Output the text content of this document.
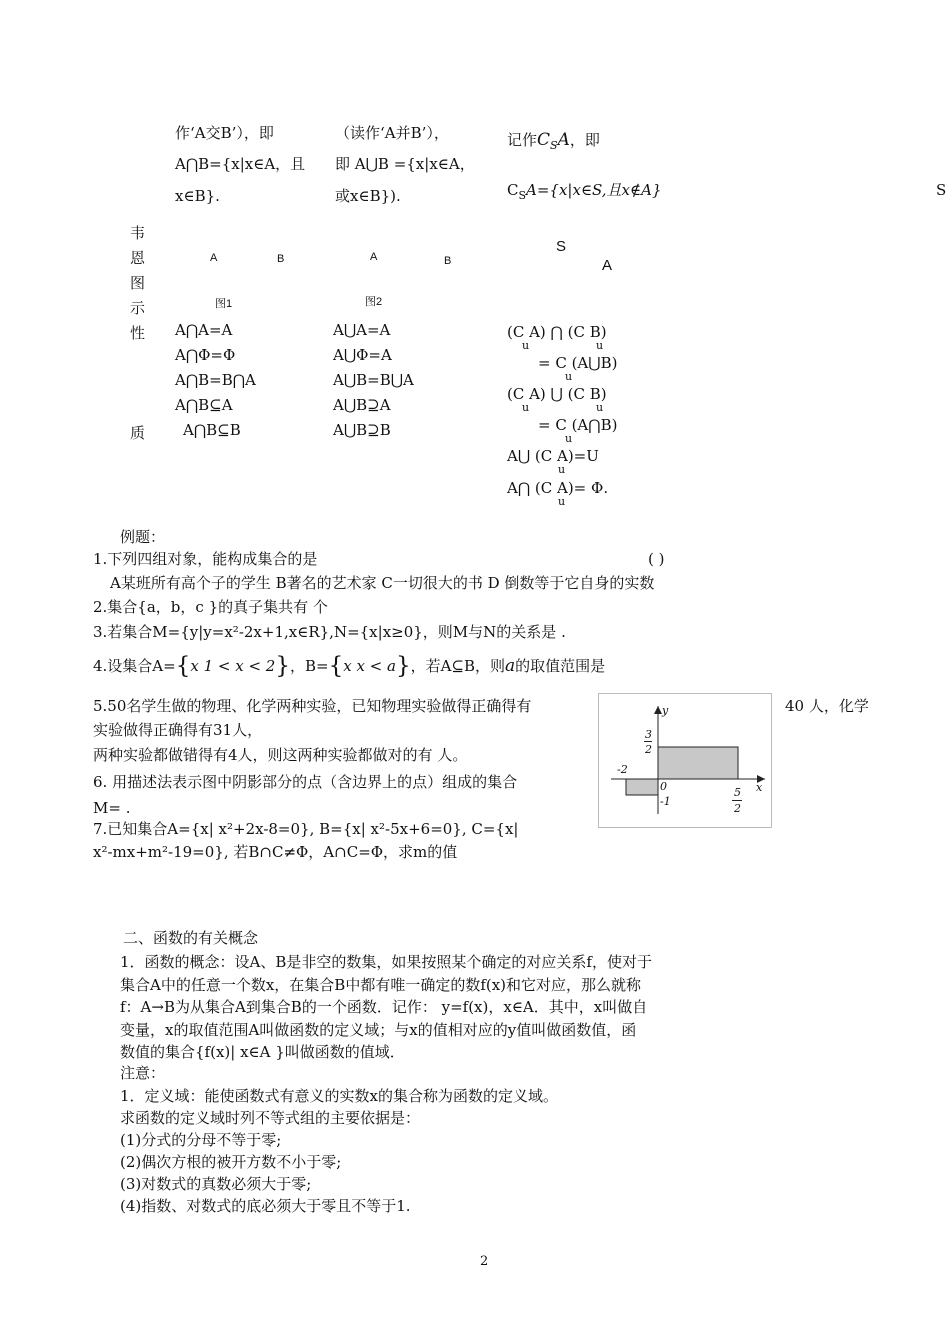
作‘A交B’），即
A⋂B={x|x∈A，且
x∈B}.
（读作‘A并B’），
即 A⋃B ={x|x∈A，
或x∈B}).
记作$C_SA$，即
$C_SA=\{x|x\in S$,且x∉A}	S
韦
恩
图
示
性
质
A	B	A	B
图1	图2
S
A
A⋂A=A
A⋂Φ=Φ
A⋂B=B⋂A
A⋂B⊆A
A⋂B⊆B
A⋃A=A
A⋃Φ=A
A⋃B=B⋃A
A⋃B⊇A
A⋃B⊇B
(C A) ⋂ (C B)
u	u
= C (A⋃B)
u
(C A) ⋃ (C B)
u	u
= C (A⋂B)
u
A⋃ (C A)=U
u
A⋂ (C A)= Φ.
u
例题：
1.下列四组对象，能构成集合的是	( )
A某班所有高个子的学生 B著名的艺术家 C一切很大的书 D 倒数等于它自身的实数
2.集合{a，b，c }的真子集共有 个
3.若集合M={y|y=x²-2x+1,x∈R},N={x|x≥0}，则M与N的关系是 .
4.设集合A={x 1 < x < 2}，B={x x < a}，若A⊆B，则a的取值范围是
5.50名学生做的物理、化学两种实验，已知物理实验做得正确得有	40 人，化学
实验做得正确得有31人，
两种实验都做错得有4人，则这两种实验都做对的有 人。
6. 用描述法表示图中阴影部分的点（含边界上的点）组成的集合
M= .
7.已知集合A={x| x²+2x-8=0}, B={x| x²-5x+6=0}, C={x|
x²-mx+m²-19=0}, 若B∩C≠Φ，A∩C=Φ，求m的值
y
x
3
2
-2
0
-1
5
2
二、函数的有关概念
1．函数的概念：设A、B是非空的数集，如果按照某个确定的对应关系f，使对于
集合A中的任意一个数x，在集合B中都有唯一确定的数f(x)和它对应，那么就称
f：A→B为从集合A到集合B的一个函数．记作： y=f(x)，x∈A．其中，x叫做自
变量，x的取值范围A叫做函数的定义域；与x的值相对应的y值叫做函数值，函
数值的集合{f(x)| x∈A }叫做函数的值域．
注意：
1．定义域：能使函数式有意义的实数x的集合称为函数的定义域。
求函数的定义域时列不等式组的主要依据是：
(1)分式的分母不等于零;
(2)偶次方根的被开方数不小于零;
(3)对数式的真数必须大于零;
(4)指数、对数式的底必须大于零且不等于1.
2
